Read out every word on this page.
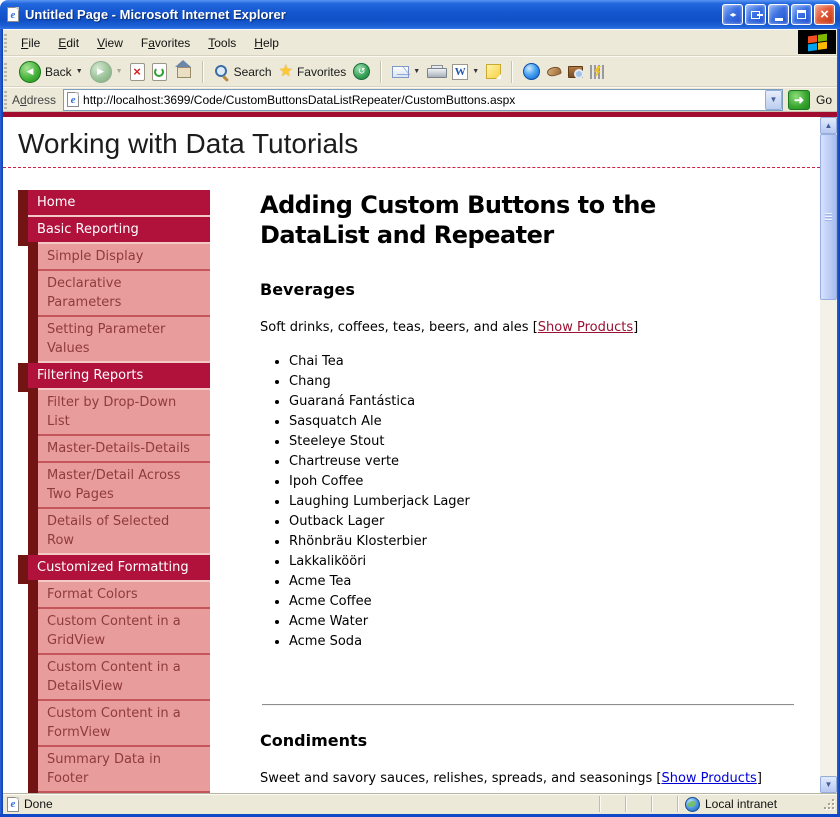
e Untitled Page - Microsoft Internet Explorer	◂▸	×
File	Edit	View	Favorites	Tools	Help
◀ Back ▼	▶	▼ ×	Search ★ Favorites	↺	▼	W ▼
Address	e http://localhost:3699/Code/CustomButtonsDataListRepeater/CustomButtons.aspx	▼	➜ Go
Working with Data Tutorials
Home
Basic Reporting
Simple Display
Declarative Parameters
Setting Parameter Values
Filtering Reports
Filter by Drop-Down List
Master-Details-Details
Master/Detail Across Two Pages
Details of Selected Row
Customized Formatting
Format Colors
Custom Content in a GridView
Custom Content in a DetailsView
Custom Content in a FormView
Summary Data in Footer
Adding Custom Buttons to the DataList and Repeater
Beverages

Soft drinks, coffees, teas, beers, and ales [Show Products]

• Chai Tea
• Chang
• Guaraná Fantástica
• Sasquatch Ale
• Steeleye Stout
• Chartreuse verte
• Ipoh Coffee
• Laughing Lumberjack Lager
• Outback Lager
• Rhönbräu Klosterbier
• Lakkalikööri
• Acme Tea
• Acme Coffee
• Acme Water
• Acme Soda
Condiments

Sweet and savory sauces, relishes, spreads, and seasonings [Show Products]

▲
▼
e Done	Local intranet
